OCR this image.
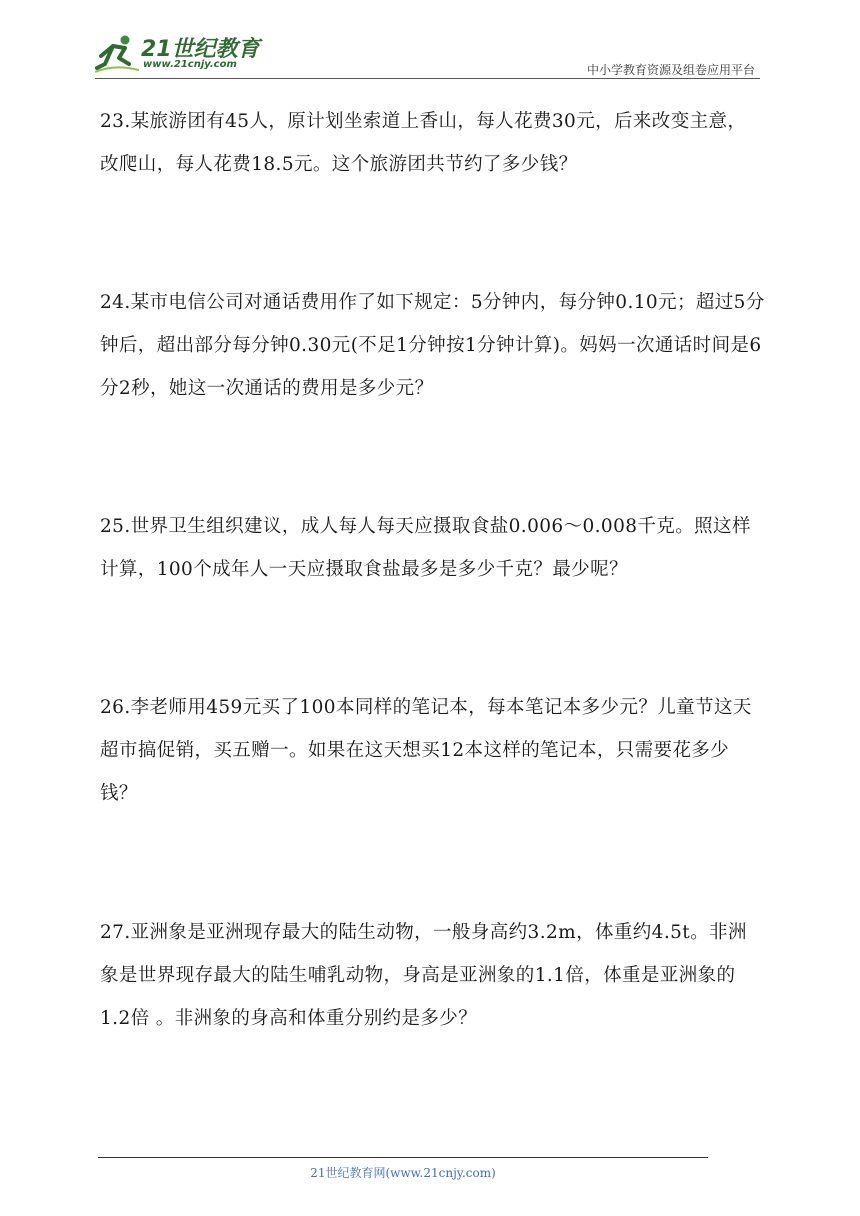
21世纪教育
www.21cnjy.com	中小学教育资源及组卷应用平台
23.某旅游团有45人，原计划坐索道上香山，每人花费30元，后来改变主意，改爬山，每人花费18.5元。这个旅游团共节约了多少钱？
24.某市电信公司对通话费用作了如下规定：5分钟内，每分钟0.10元；超过5分钟后，超出部分每分钟0.30元(不足1分钟按1分钟计算)。妈妈一次通话时间是6分2秒，她这一次通话的费用是多少元？
25.世界卫生组织建议，成人每人每天应摄取食盐0.006～0.008千克。照这样计算，100个成年人一天应摄取食盐最多是多少千克？最少呢？
26.李老师用459元买了100本同样的笔记本，每本笔记本多少元？儿童节这天超市搞促销，买五赠一。如果在这天想买12本这样的笔记本，只需要花多少钱？
27.亚洲象是亚洲现存最大的陆生动物，一般身高约3.2m，体重约4.5t。非洲象是世界现存最大的陆生哺乳动物，身高是亚洲象的1.1倍，体重是亚洲象的1.2倍 。非洲象的身高和体重分别约是多少？
21世纪教育网(www.21cnjy.com)
